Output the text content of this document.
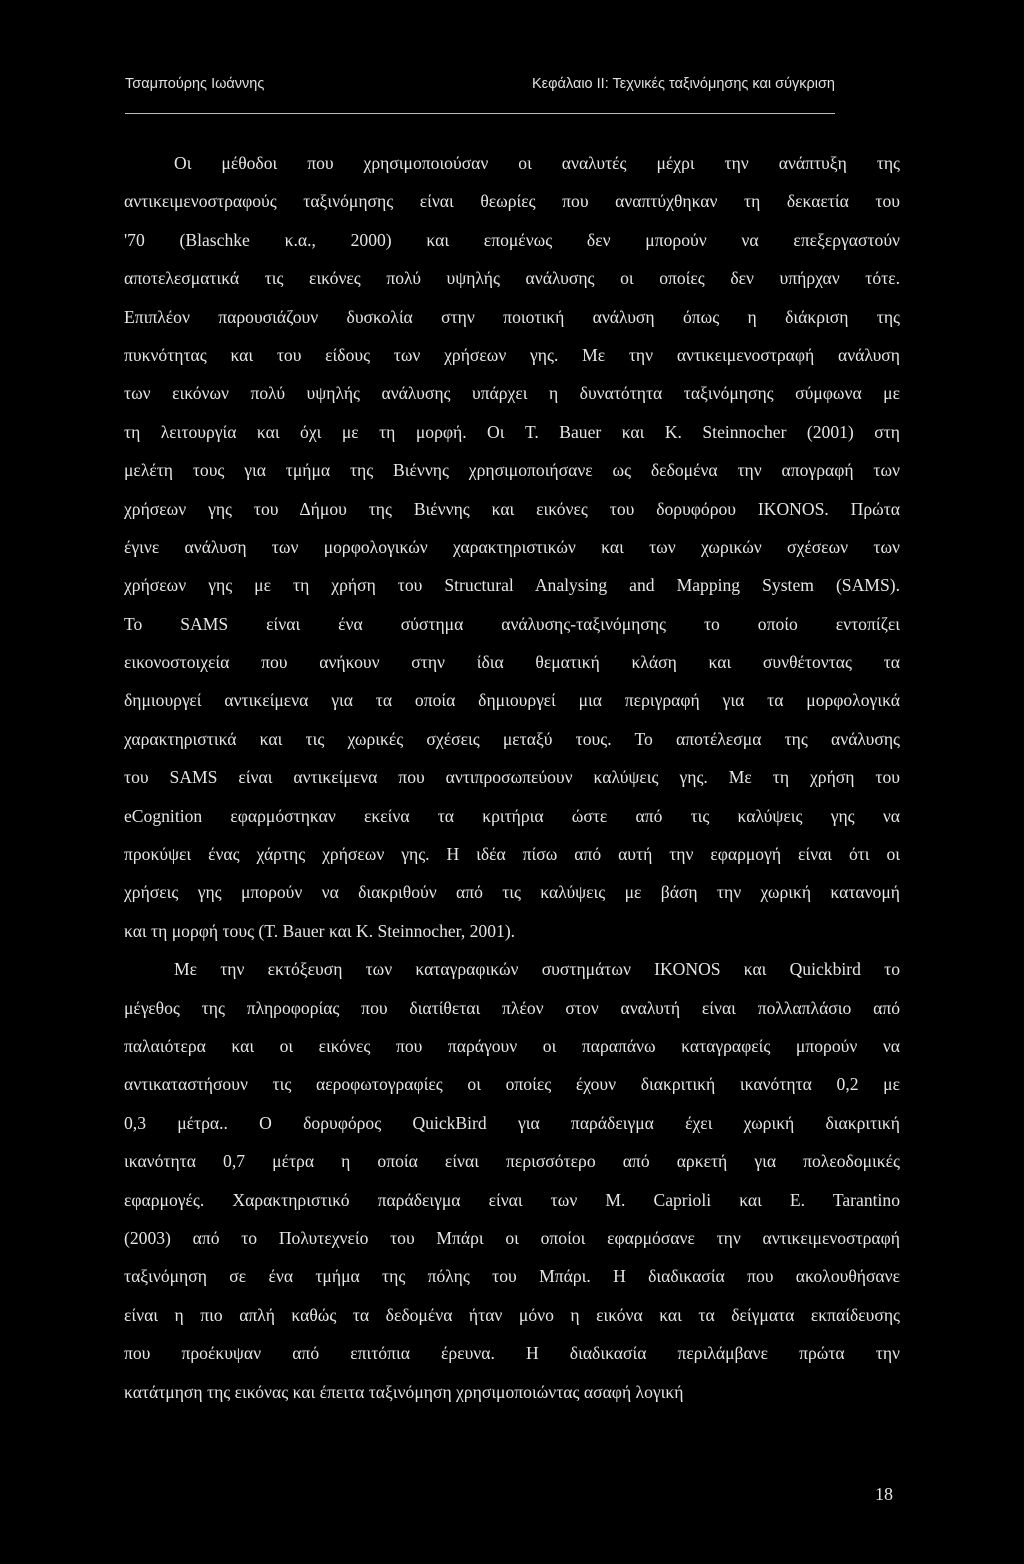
Τσαμπούρης Ιωάννης	Κεφάλαιο ΙΙ: Τεχνικές ταξινόμησης και σύγκριση
Οι μέθοδοι που χρησιμοποιούσαν οι αναλυτές μέχρι την ανάπτυξη της
αντικειμενοστραφούς ταξινόμησης είναι θεωρίες που αναπτύχθηκαν τη δεκαετία του
'70 (Blaschke κ.α., 2000) και επομένως δεν μπορούν να επεξεργαστούν
αποτελεσματικά τις εικόνες πολύ υψηλής ανάλυσης οι οποίες δεν υπήρχαν τότε.
Επιπλέον παρουσιάζουν δυσκολία στην ποιοτική ανάλυση όπως η διάκριση της
πυκνότητας και του είδους των χρήσεων γης. Με την αντικειμενοστραφή ανάλυση
των εικόνων πολύ υψηλής ανάλυσης υπάρχει η δυνατότητα ταξινόμησης σύμφωνα με
τη λειτουργία και όχι με τη μορφή. Οι T. Bauer και K. Steinnocher (2001) στη
μελέτη τους για τμήμα της Βιέννης χρησιμοποιήσανε ως δεδομένα την απογραφή των
χρήσεων γης του Δήμου της Βιέννης και εικόνες του δορυφόρου IKONOS. Πρώτα
έγινε ανάλυση των μορφολογικών χαρακτηριστικών και των χωρικών σχέσεων των
χρήσεων γης με τη χρήση του Structural Analysing and Mapping System (SAMS).
To SAMS είναι ένα σύστημα ανάλυσης-ταξινόμησης το οποίο εντοπίζει
εικονοστοιχεία που ανήκουν στην ίδια θεματική κλάση και συνθέτοντας τα
δημιουργεί αντικείμενα για τα οποία δημιουργεί μια περιγραφή για τα μορφολογικά
χαρακτηριστικά και τις χωρικές σχέσεις μεταξύ τους. Το αποτέλεσμα της ανάλυσης
του SAMS είναι αντικείμενα που αντιπροσωπεύουν καλύψεις γης. Με τη χρήση του
eCognition εφαρμόστηκαν εκείνα τα κριτήρια ώστε από τις καλύψεις γης να
προκύψει ένας χάρτης χρήσεων γης. Η ιδέα πίσω από αυτή την εφαρμογή είναι ότι οι
χρήσεις γης μπορούν να διακριθούν από τις καλύψεις με βάση την χωρική κατανομή
και τη μορφή τους (T. Bauer και K. Steinnocher, 2001).
Με την εκτόξευση των καταγραφικών συστημάτων IKONOS και Quickbird το
μέγεθος της πληροφορίας που διατίθεται πλέον στον αναλυτή είναι πολλαπλάσιο από
παλαιότερα και οι εικόνες που παράγουν οι παραπάνω καταγραφείς μπορούν να
αντικαταστήσουν τις αεροφωτογραφίες οι οποίες έχουν διακριτική ικανότητα 0,2 με
0,3 μέτρα.. Ο δορυφόρος QuickBird για παράδειγμα έχει χωρική διακριτική
ικανότητα 0,7 μέτρα η οποία είναι περισσότερο από αρκετή για πολεοδομικές
εφαρμογές. Χαρακτηριστικό παράδειγμα είναι των M. Caprioli και E. Tarantino
(2003) από το Πολυτεχνείο του Μπάρι οι οποίοι εφαρμόσανε την αντικειμενοστραφή
ταξινόμηση σε ένα τμήμα της πόλης του Μπάρι. Η διαδικασία που ακολουθήσανε
είναι η πιο απλή καθώς τα δεδομένα ήταν μόνο η εικόνα και τα δείγματα εκπαίδευσης
που προέκυψαν από επιτόπια έρευνα. Η διαδικασία περιλάμβανε πρώτα την
κατάτμηση της εικόνας και έπειτα ταξινόμηση χρησιμοποιώντας ασαφή λογική
18
